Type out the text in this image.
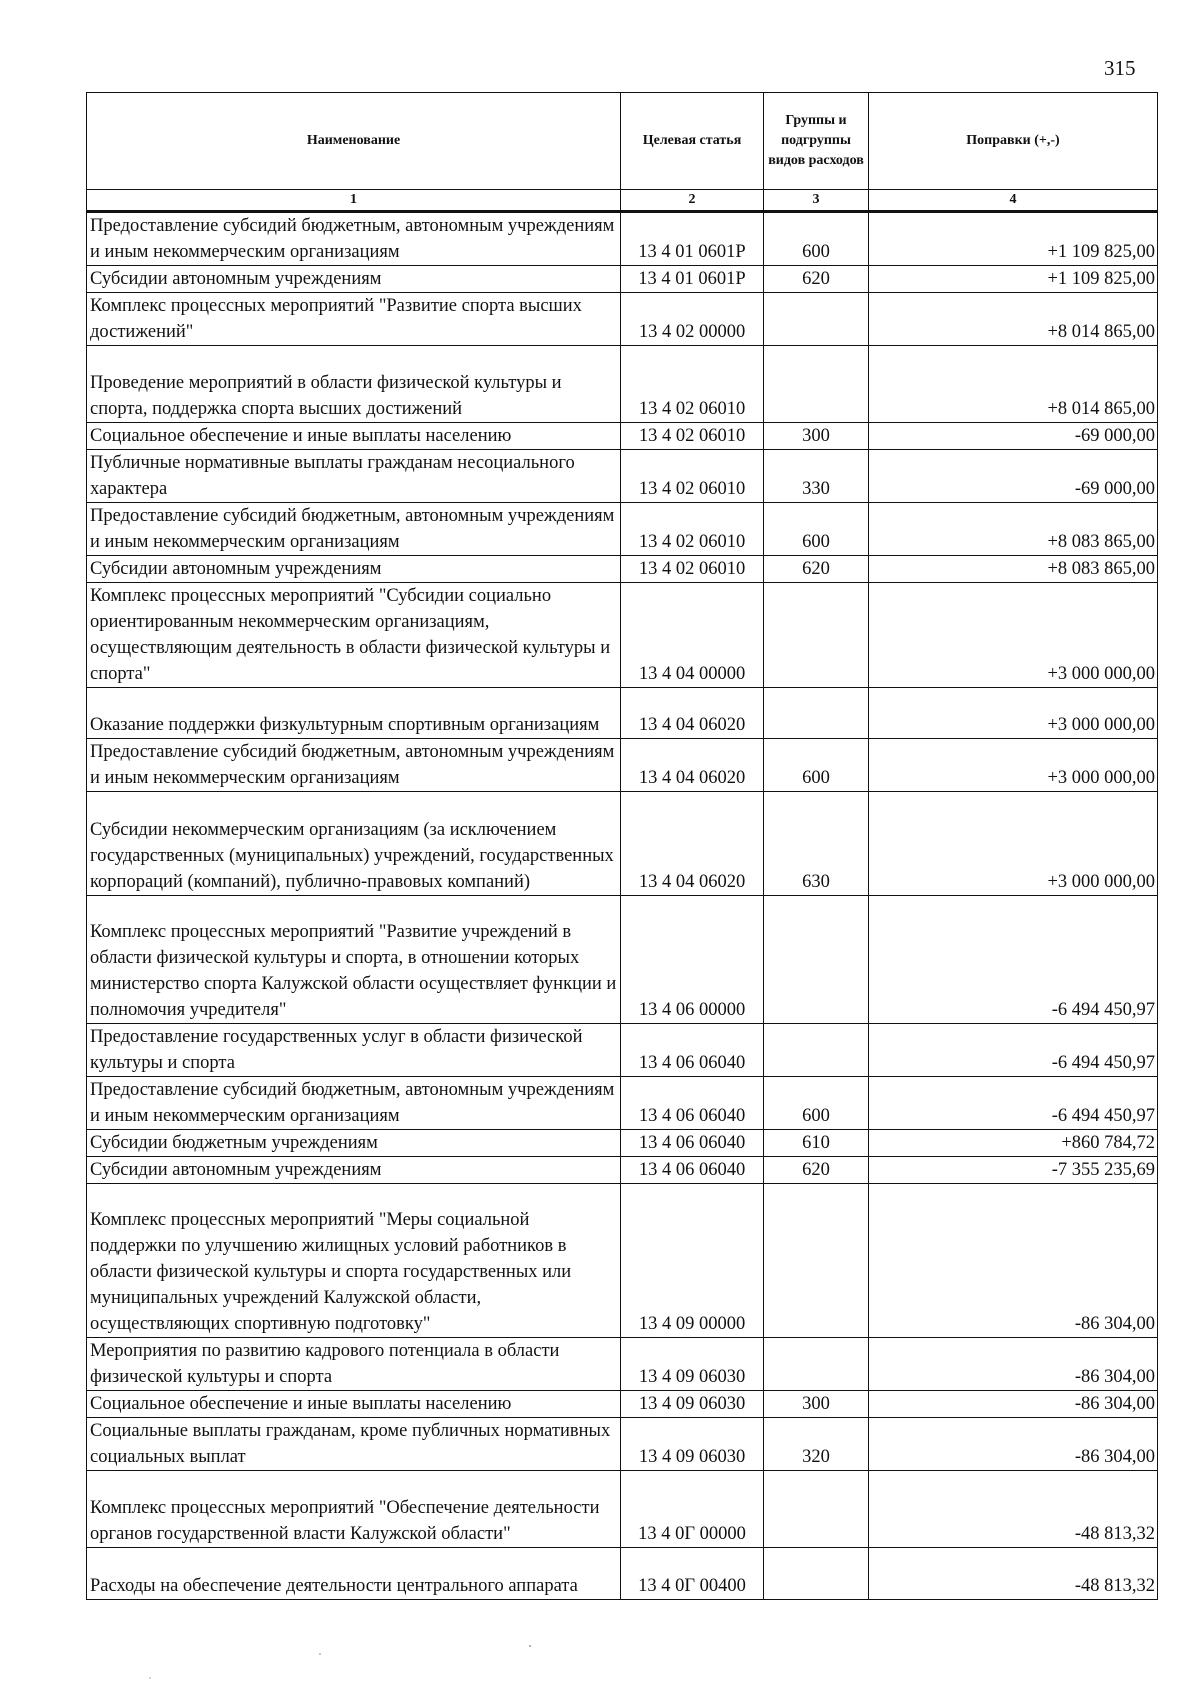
315
Наименование	Целевая статья	Группы и подгруппы видов расходов	Поправки (+,-)
1	2	3	4
Предоставление субсидий бюджетным, автономным учреждениям и иным некоммерческим организациям	13 4 01 0601P	600	+1 109 825,00
Субсидии автономным учреждениям	13 4 01 0601P	620	+1 109 825,00
Комплекс процессных мероприятий "Развитие спорта высших достижений"	13 4 02 00000		+8 014 865,00
Проведение мероприятий в области физической культуры и спорта, поддержка спорта высших достижений	13 4 02 06010		+8 014 865,00
Социальное обеспечение и иные выплаты населению	13 4 02 06010	300	-69 000,00
Публичные нормативные выплаты гражданам несоциального характера	13 4 02 06010	330	-69 000,00
Предоставление субсидий бюджетным, автономным учреждениям и иным некоммерческим организациям	13 4 02 06010	600	+8 083 865,00
Субсидии автономным учреждениям	13 4 02 06010	620	+8 083 865,00
Комплекс процессных мероприятий "Субсидии социально ориентированным некоммерческим организациям, осуществляющим деятельность в области физической культуры и спорта"	13 4 04 00000		+3 000 000,00
Оказание поддержки физкультурным спортивным организациям	13 4 04 06020		+3 000 000,00
Предоставление субсидий бюджетным, автономным учреждениям и иным некоммерческим организациям	13 4 04 06020	600	+3 000 000,00
Субсидии некоммерческим организациям (за исключением государственных (муниципальных) учреждений, государственных корпораций (компаний), публично-правовых компаний)	13 4 04 06020	630	+3 000 000,00
Комплекс процессных мероприятий "Развитие учреждений в области физической культуры и спорта, в отношении которых министерство спорта Калужской области осуществляет функции и полномочия учредителя"	13 4 06 00000		-6 494 450,97
Предоставление государственных услуг в области физической культуры и спорта	13 4 06 06040		-6 494 450,97
Предоставление субсидий бюджетным, автономным учреждениям и иным некоммерческим организациям	13 4 06 06040	600	-6 494 450,97
Субсидии бюджетным учреждениям	13 4 06 06040	610	+860 784,72
Субсидии автономным учреждениям	13 4 06 06040	620	-7 355 235,69
Комплекс процессных мероприятий "Меры социальной поддержки по улучшению жилищных условий работников в области физической культуры и спорта государственных или муниципальных учреждений Калужской области, осуществляющих спортивную подготовку"	13 4 09 00000		-86 304,00
Мероприятия по развитию кадрового потенциала в области физической культуры и спорта	13 4 09 06030		-86 304,00
Социальное обеспечение и иные выплаты населению	13 4 09 06030	300	-86 304,00
Социальные выплаты гражданам, кроме публичных нормативных социальных выплат	13 4 09 06030	320	-86 304,00
Комплекс процессных мероприятий "Обеспечение деятельности органов государственной власти Калужской области"	13 4 0Г 00000		-48 813,32
Расходы на обеспечение деятельности центрального аппарата	13 4 0Г 00400		-48 813,32
